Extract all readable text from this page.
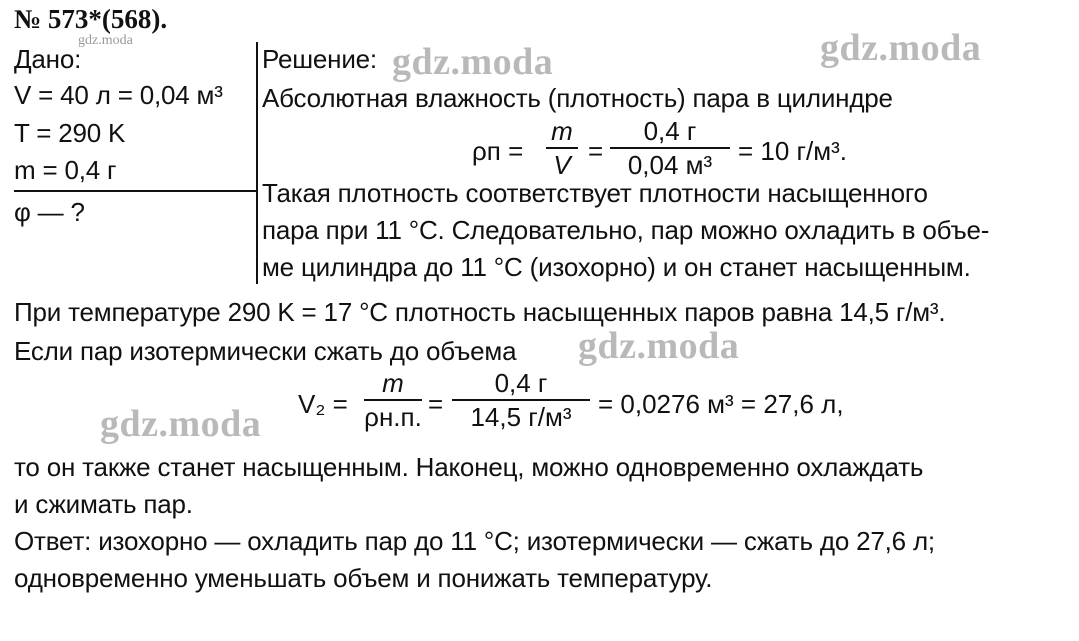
№ 573*(568).
gdz.moda
Дано:
V = 40 л = 0,04 м³
T = 290 K
m = 0,4 г
φ — ?
Решение: gdz.moda	gdz.moda
Абсолютная влажность (плотность) пара в цилиндре
ρп =
m
V =
0,4 г
0,04 м³ = 10 г/м³.
Такая плотность соответствует плотности насыщенного
пара при 11 °С. Следовательно, пар можно охладить в объе-
ме цилиндра до 11 °С (изохорно) и он станет насыщенным.
При температуре 290 K = 17 °С плотность насыщенных паров равна 14,5 г/м³.
Если пар изотермически сжать до объема gdz.moda
V₂ =
m
ρн.п. =
0,4 г
14,5 г/м³ = 0,0276 м³ = 27,6 л,
gdz.moda
то он также станет насыщенным. Наконец, можно одновременно охлаждать
и сжимать пар.
Ответ: изохорно — охладить пар до 11 °С; изотермически — сжать до 27,6 л;
одновременно уменьшать объем и понижать температуру.
